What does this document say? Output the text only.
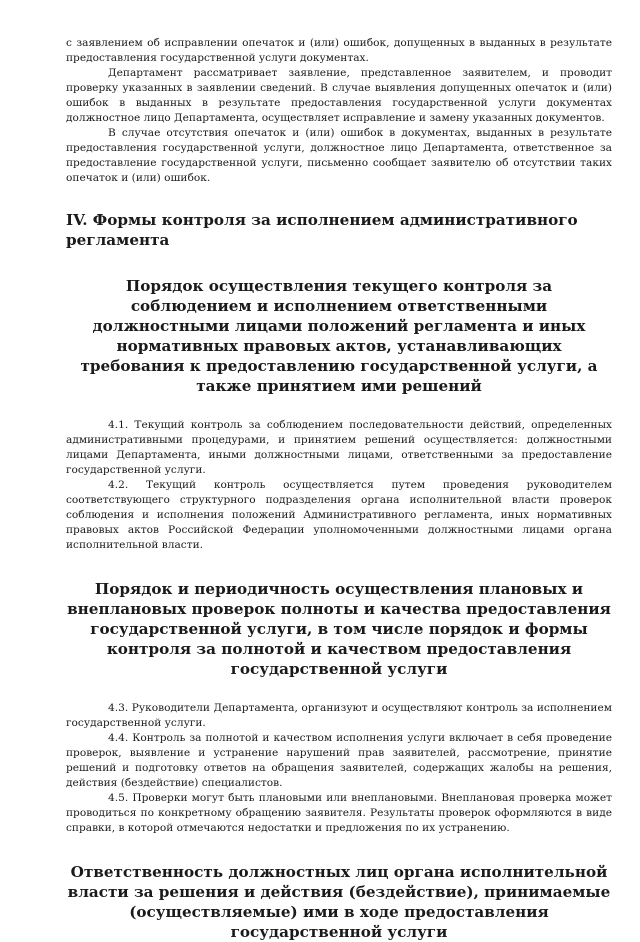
с заявлением об исправлении опечаток и (или) ошибок, допущенных в выданных в результате предоставления государственной услуги документах.

Департамент рассматривает заявление, представленное заявителем, и проводит проверку указанных в заявлении сведений. В случае выявления допущенных опечаток и (или) ошибок в выданных в результате предоставления государственной услуги документах должностное лицо Департамента, осуществляет исправление и замену указанных документов.

В случае отсутствия опечаток и (или) ошибок в документах, выданных в результате предоставления государственной услуги, должностное лицо Департамента, ответственное за предоставление государственной услуги, письменно сообщает заявителю об отсутствии таких опечаток и (или) ошибок.

IV. Формы контроля за исполнением административного регламента
Порядок осуществления текущего контроля за соблюдением и исполнением ответственными должностными лицами положений регламента и иных нормативных правовых актов, устанавливающих требования к предоставлению государственной услуги, а также принятием ими решений

4.1. Текущий контроль за соблюдением последовательности действий, определенных административными процедурами, и принятием решений осуществляется: должностными лицами Департамента, иными должностными лицами, ответственными за предоставление государственной услуги.

4.2. Текущий контроль осуществляется путем проведения руководителем соответствующего структурного подразделения органа исполнительной власти проверок соблюдения и исполнения положений Административного регламента, иных нормативных правовых актов Российской Федерации уполномоченными должностными лицами органа исполнительной власти.

Порядок и периодичность осуществления плановых и внеплановых проверок полноты и качества предоставления государственной услуги, в том числе порядок и формы контроля за полнотой и качеством предоставления государственной услуги

4.3. Руководители Департамента, организуют и осуществляют контроль за исполнением государственной услуги.

4.4. Контроль за полнотой и качеством исполнения услуги включает в себя проведение проверок, выявление и устранение нарушений прав заявителей, рассмотрение, принятие решений и подготовку ответов на обращения заявителей, содержащих жалобы на решения, действия (бездействие) специалистов.

4.5. Проверки могут быть плановыми или внеплановыми. Внеплановая проверка может проводиться по конкретному обращению заявителя. Результаты проверок оформляются в виде справки, в которой отмечаются недостатки и предложения по их устранению.

Ответственность должностных лиц органа исполнительной власти за решения и действия (бездействие), принимаемые (осуществляемые) ими в ходе предоставления государственной услуги
